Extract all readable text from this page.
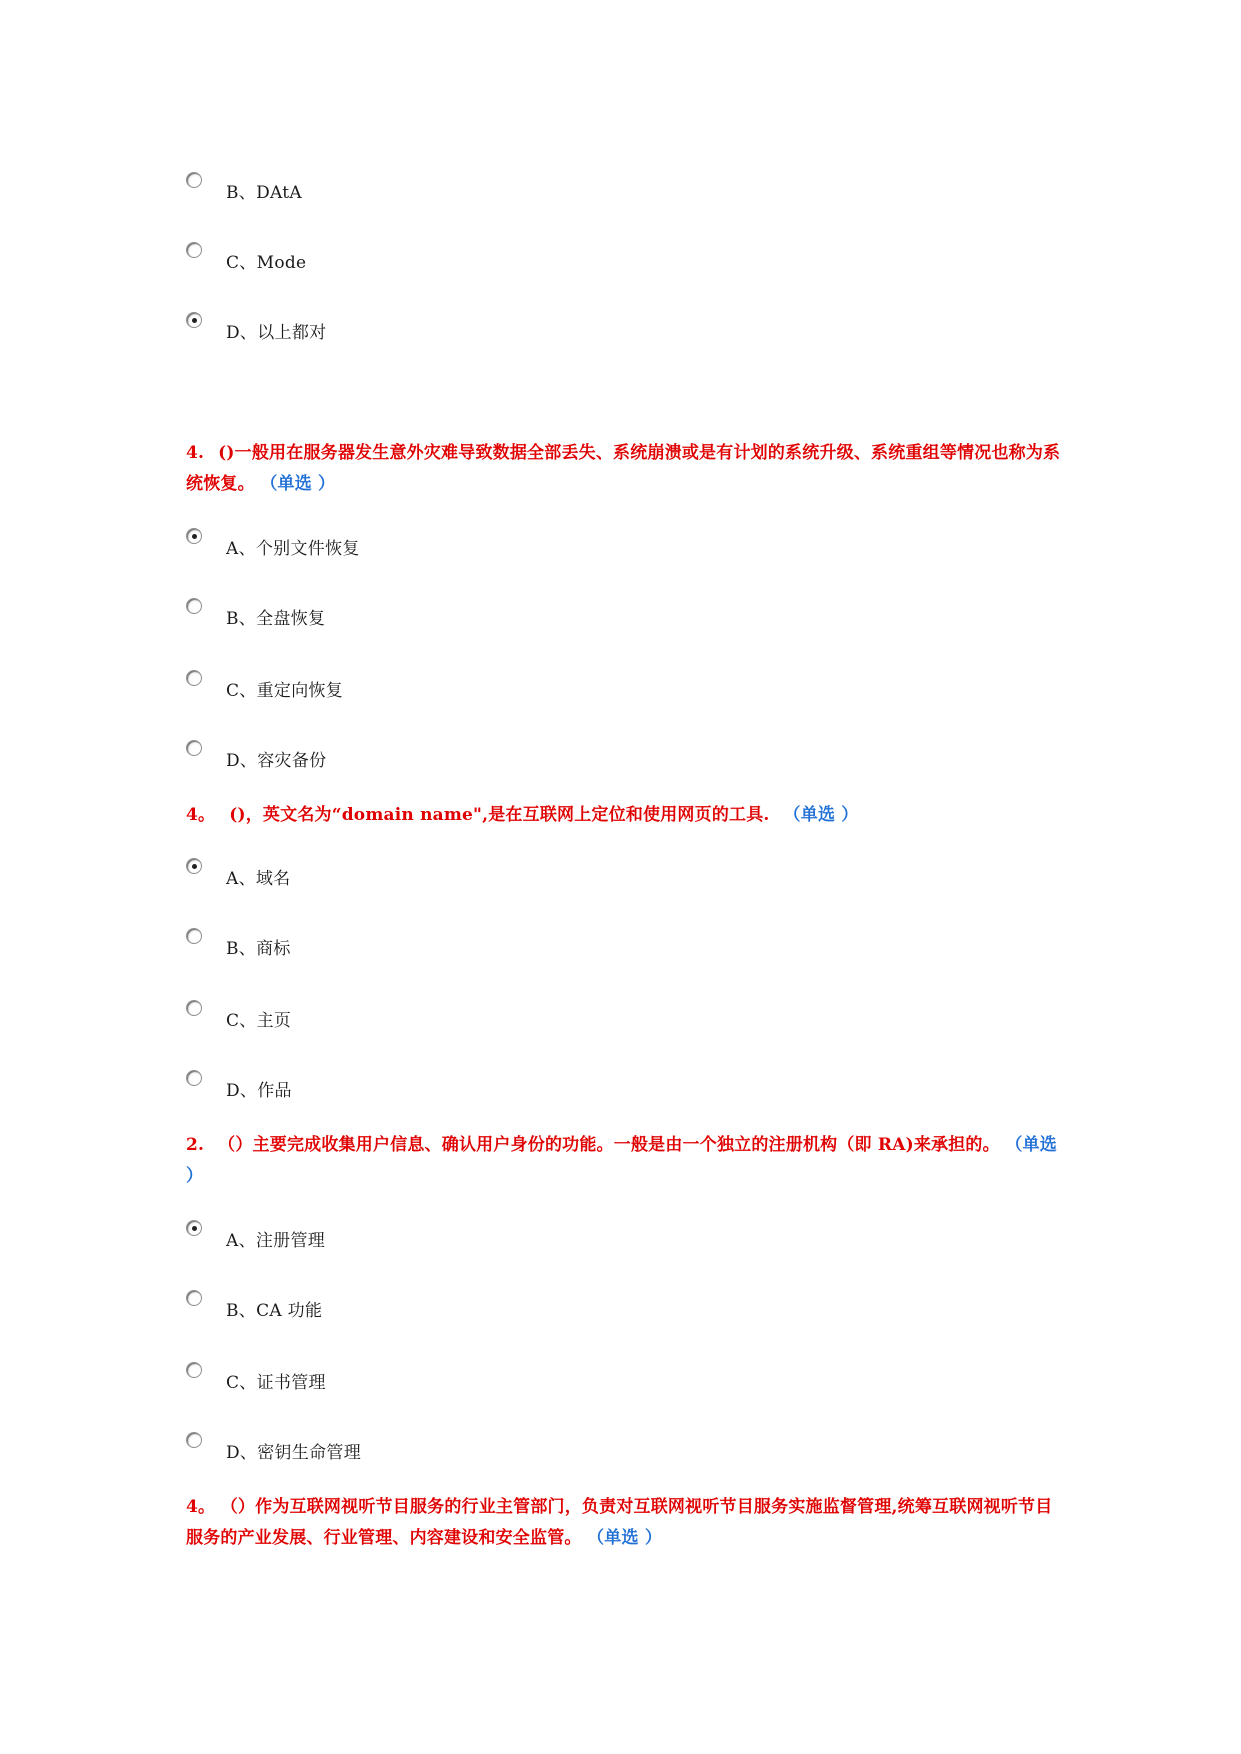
B、DAtA
C、Mode
D、以上都对
4. ()一般用在服务器发生意外灾难导致数据全部丢失、系统崩溃或是有计划的系统升级、系统重组等情况也称为系统恢复。 （单选 ）
A、个别文件恢复
B、全盘恢复
C、重定向恢复
D、容灾备份
4。 ()，英文名为“domain name",是在互联网上定位和使用网页的工具. （单选 ）
A、域名
B、商标
C、主页
D、作品
2. （）主要完成收集用户信息、确认用户身份的功能。一般是由一个独立的注册机构（即 RA)来承担的。 （单选 ）
A、注册管理
B、CA 功能
C、证书管理
D、密钥生命管理
4。 （）作为互联网视听节目服务的行业主管部门，负责对互联网视听节目服务实施监督管理,统筹互联网视听节目服务的产业发展、行业管理、内容建设和安全监管。 （单选 ）
